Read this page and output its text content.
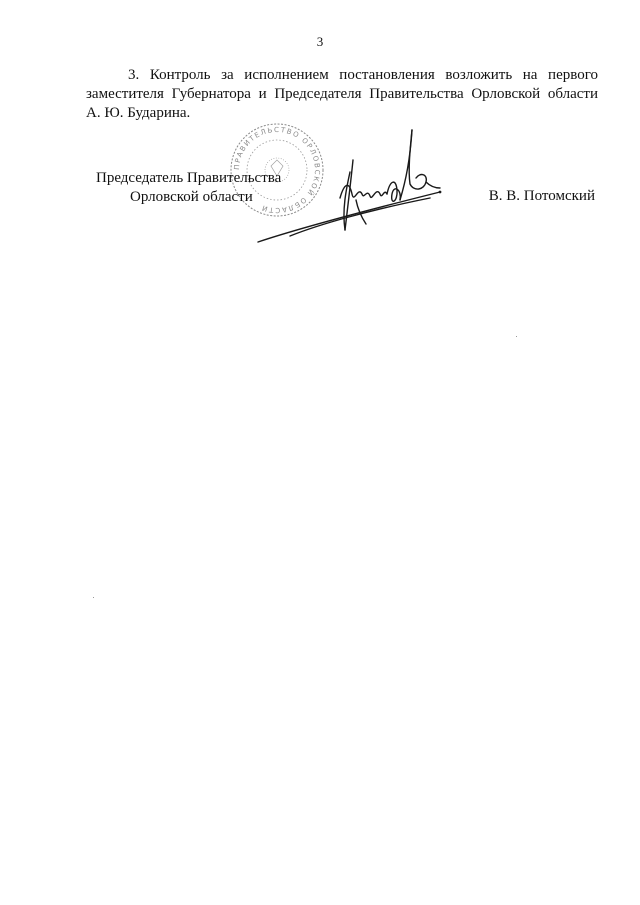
3
3. Контроль за исполнением постановления возложить на первого
заместителя Губернатора и Председателя Правительства Орловской области
А. Ю. Бударина.
ПРАВИТЕЛЬСТВО ОРЛОВСКОЙ ОБЛАСТИ
Председатель Правительства
Орловской области	В. В. Потомский
